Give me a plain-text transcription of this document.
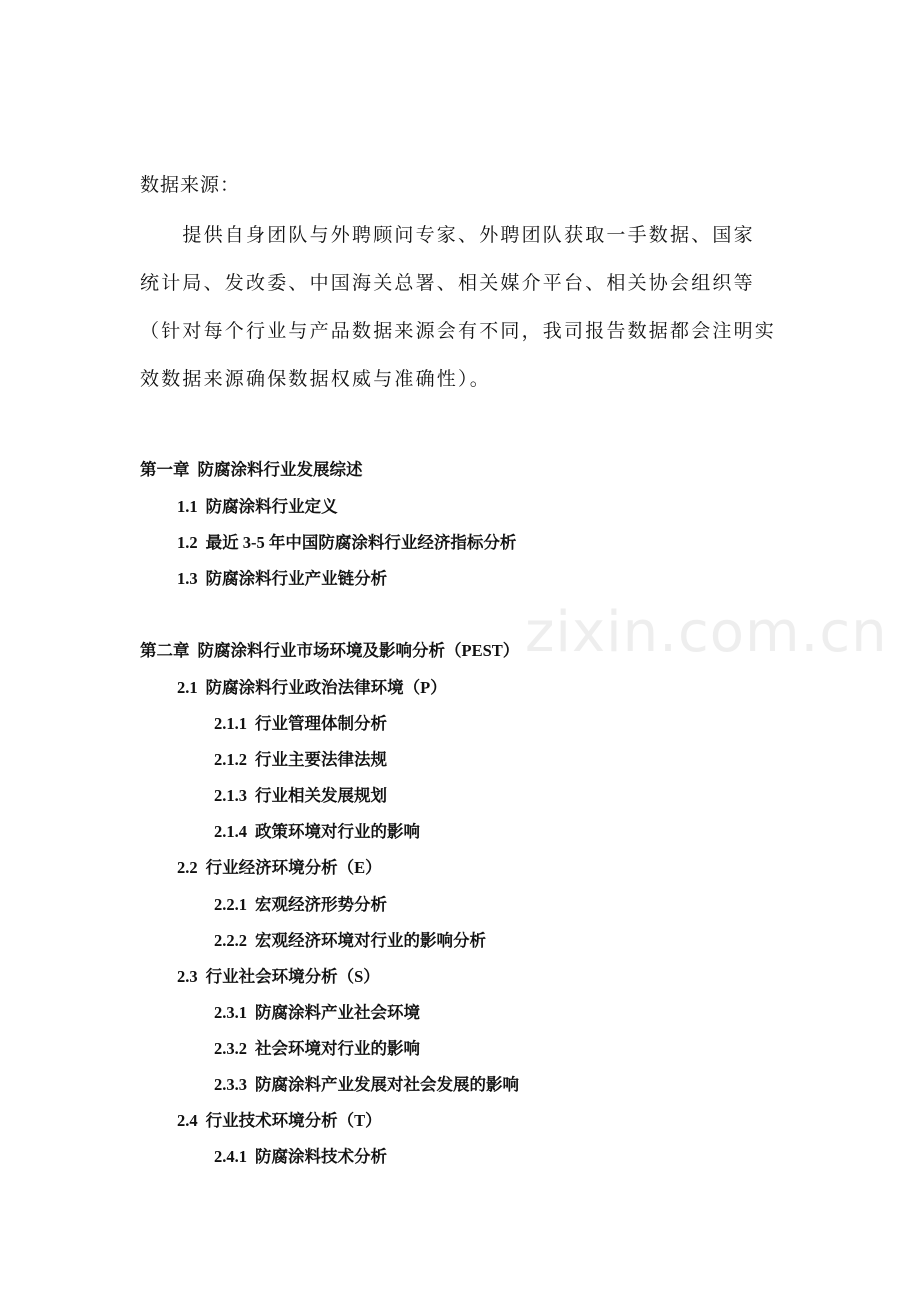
数据来源：
　　提供自身团队与外聘顾问专家、外聘团队获取一手数据、国家
统计局、发改委、中国海关总署、相关媒介平台、相关协会组织等
（针对每个行业与产品数据来源会有不同，我司报告数据都会注明实
效数据来源确保数据权威与准确性）。
zixin.com.cn
第一章 防腐涂料行业发展综述
1.1 防腐涂料行业定义
1.2 最近 3-5 年中国防腐涂料行业经济指标分析
1.3 防腐涂料行业产业链分析
第二章 防腐涂料行业市场环境及影响分析（PEST）
2.1 防腐涂料行业政治法律环境（P）
2.1.1 行业管理体制分析
2.1.2 行业主要法律法规
2.1.3 行业相关发展规划
2.1.4 政策环境对行业的影响
2.2 行业经济环境分析（E）
2.2.1 宏观经济形势分析
2.2.2 宏观经济环境对行业的影响分析
2.3 行业社会环境分析（S）
2.3.1 防腐涂料产业社会环境
2.3.2 社会环境对行业的影响
2.3.3 防腐涂料产业发展对社会发展的影响
2.4 行业技术环境分析（T）
2.4.1 防腐涂料技术分析
